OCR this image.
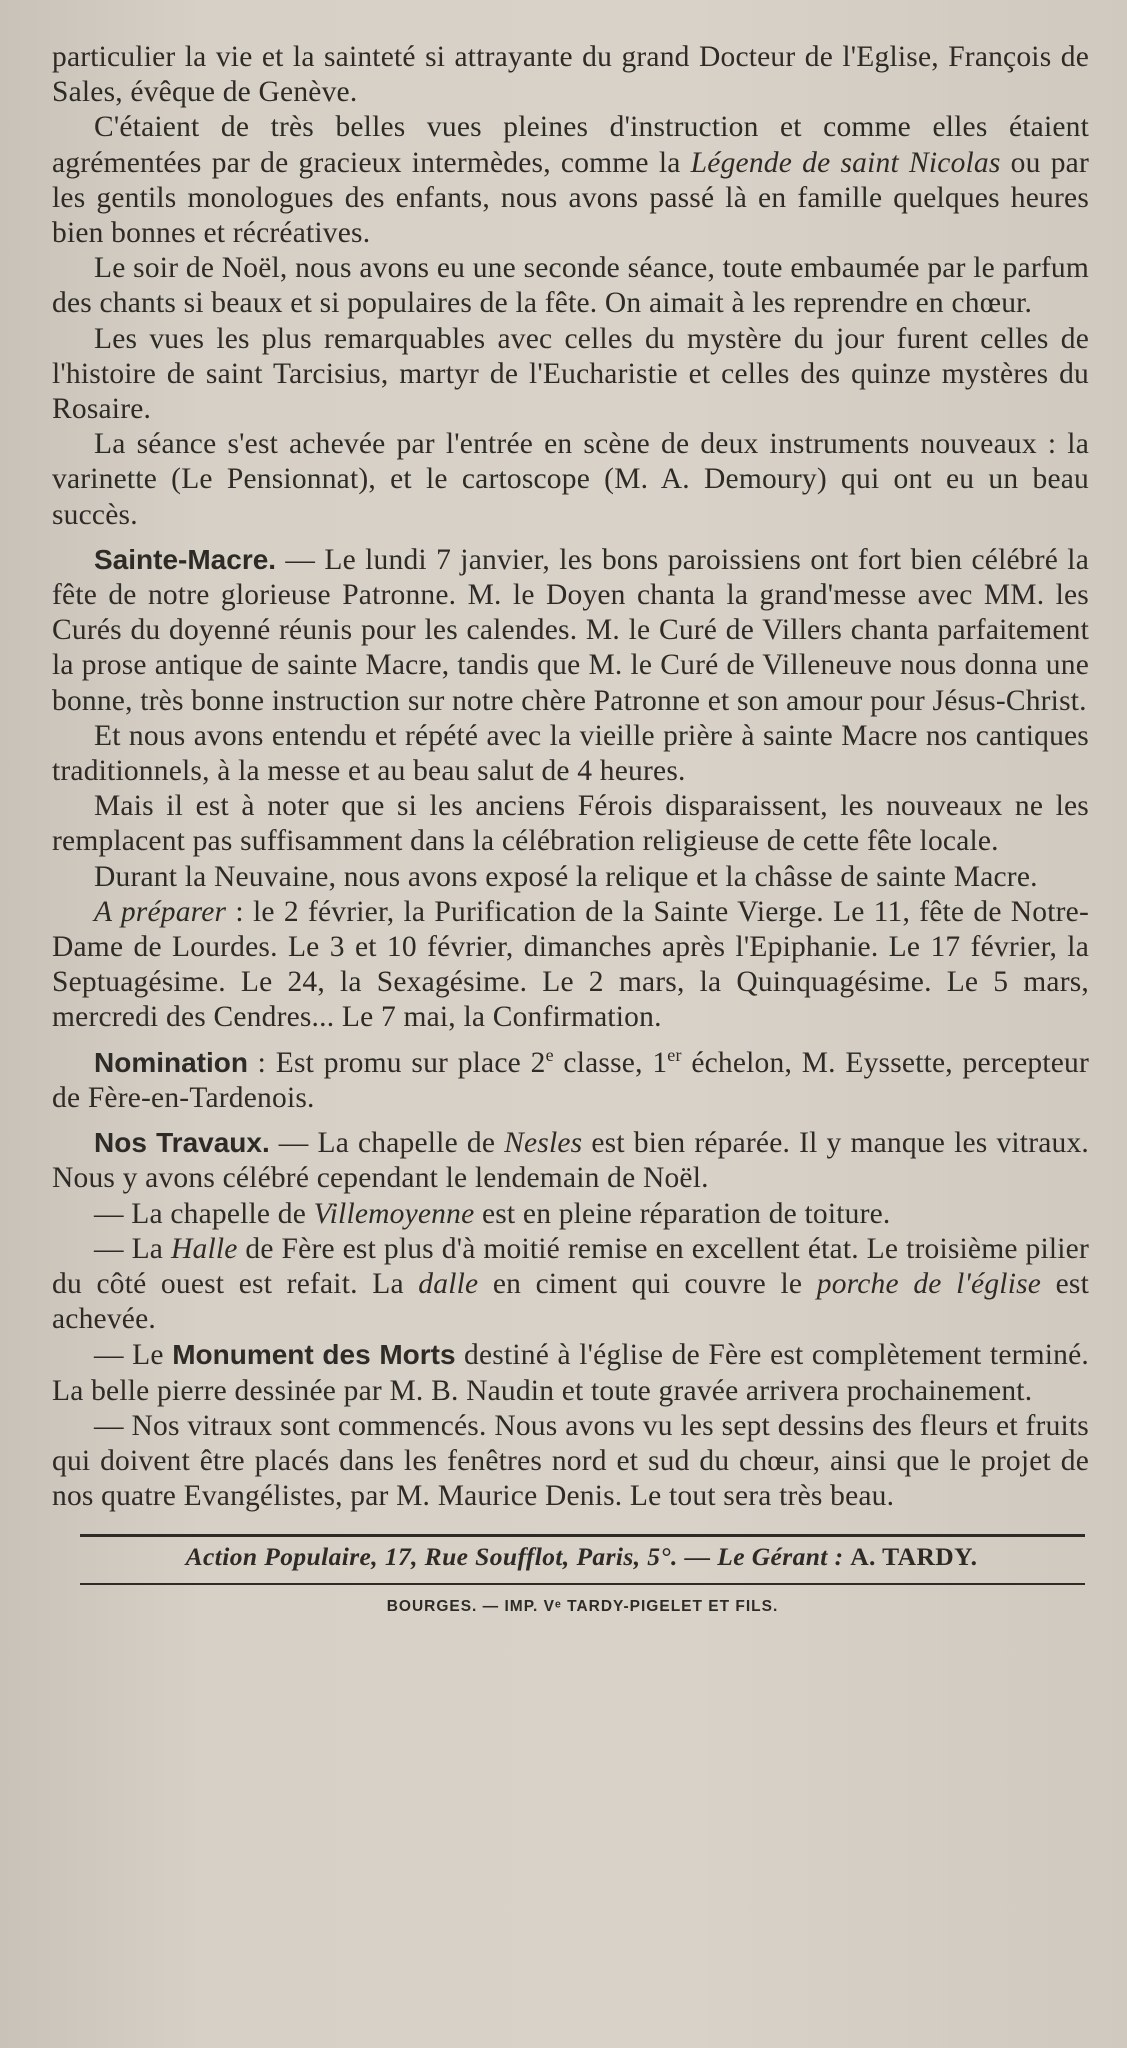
particulier la vie et la sainteté si attrayante du grand Docteur de l'Eglise, François de Sales, évêque de Genève.

C'étaient de très belles vues pleines d'instruction et comme elles étaient agrémentées par de gracieux intermèdes, comme la Légende de saint Nicolas ou par les gentils monologues des enfants, nous avons passé là en famille quelques heures bien bonnes et récréatives.

Le soir de Noël, nous avons eu une seconde séance, toute embaumée par le parfum des chants si beaux et si populaires de la fête. On aimait à les reprendre en chœur.

Les vues les plus remarquables avec celles du mystère du jour furent celles de l'histoire de saint Tarcisius, martyr de l'Eucharistie et celles des quinze mystères du Rosaire.

La séance s'est achevée par l'entrée en scène de deux instruments nouveaux : la varinette (Le Pensionnat), et le cartoscope (M. A. Demoury) qui ont eu un beau succès.

Sainte-Macre. — Le lundi 7 janvier, les bons paroissiens ont fort bien célébré la fête de notre glorieuse Patronne. M. le Doyen chanta la grand'messe avec MM. les Curés du doyenné réunis pour les calendes. M. le Curé de Villers chanta parfaitement la prose antique de sainte Macre, tandis que M. le Curé de Villeneuve nous donna une bonne, très bonne instruction sur notre chère Patronne et son amour pour Jésus-Christ.

Et nous avons entendu et répété avec la vieille prière à sainte Macre nos cantiques traditionnels, à la messe et au beau salut de 4 heures.

Mais il est à noter que si les anciens Férois disparaissent, les nouveaux ne les remplacent pas suffisamment dans la célébration religieuse de cette fête locale.

Durant la Neuvaine, nous avons exposé la relique et la châsse de sainte Macre.

A préparer : le 2 février, la Purification de la Sainte Vierge. Le 11, fête de Notre-Dame de Lourdes. Le 3 et 10 février, dimanches après l'Epiphanie. Le 17 février, la Septuagésime. Le 24, la Sexagésime. Le 2 mars, la Quinquagésime. Le 5 mars, mercredi des Cendres... Le 7 mai, la Confirmation.

Nomination : Est promu sur place 2e classe, 1er échelon, M. Eyssette, percepteur de Fère-en-Tardenois.

Nos Travaux. — La chapelle de Nesles est bien réparée. Il y manque les vitraux. Nous y avons célébré cependant le lendemain de Noël.

— La chapelle de Villemoyenne est en pleine réparation de toiture.

— La Halle de Fère est plus d'à moitié remise en excellent état. Le troisième pilier du côté ouest est refait. La dalle en ciment qui couvre le porche de l'église est achevée.

— Le Monument des Morts destiné à l'église de Fère est complètement terminé. La belle pierre dessinée par M. B. Naudin et toute gravée arrivera prochainement.

— Nos vitraux sont commencés. Nous avons vu les sept dessins des fleurs et fruits qui doivent être placés dans les fenêtres nord et sud du chœur, ainsi que le projet de nos quatre Evangélistes, par M. Maurice Denis. Le tout sera très beau.

Action Populaire, 17, Rue Soufflot, Paris, 5°. — Le Gérant : A. TARDY.
BOURGES. — IMP. Vᵉ TARDY-PIGELET ET FILS.
